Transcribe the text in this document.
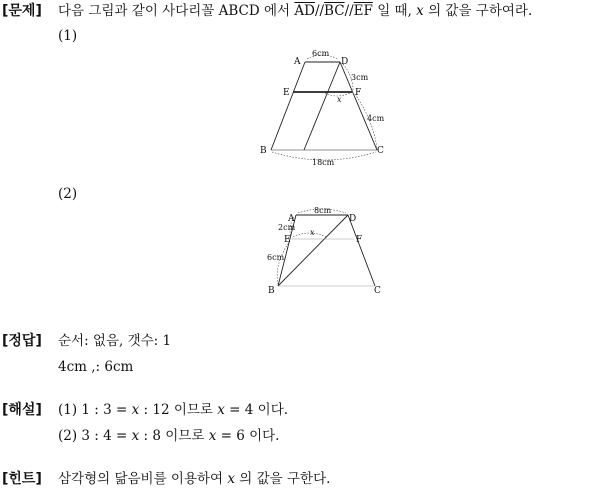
[문제] 다음 그림과 같이 사다리꼴 ABCD 에서 $\overline{AD}//\overline{BC}//\overline{EF}$ 일 때, x 의 값을 구하여라.
(1)
A	D
E	F
B	C
6cm
3cm
4cm
18cm
x
(2)
A	D
E	F
B	C
8cm
2cm
6cm
x
[정답] 순서: 없음, 갯수: 1
4cm ,: 6cm
[해설] (1) 1 : 3 = x : 12 이므로 x = 4 이다.
(2) 3 : 4 = x : 8 이므로 x = 6 이다.
[힌트] 삼각형의 닮음비를 이용하여 x 의 값을 구한다.
